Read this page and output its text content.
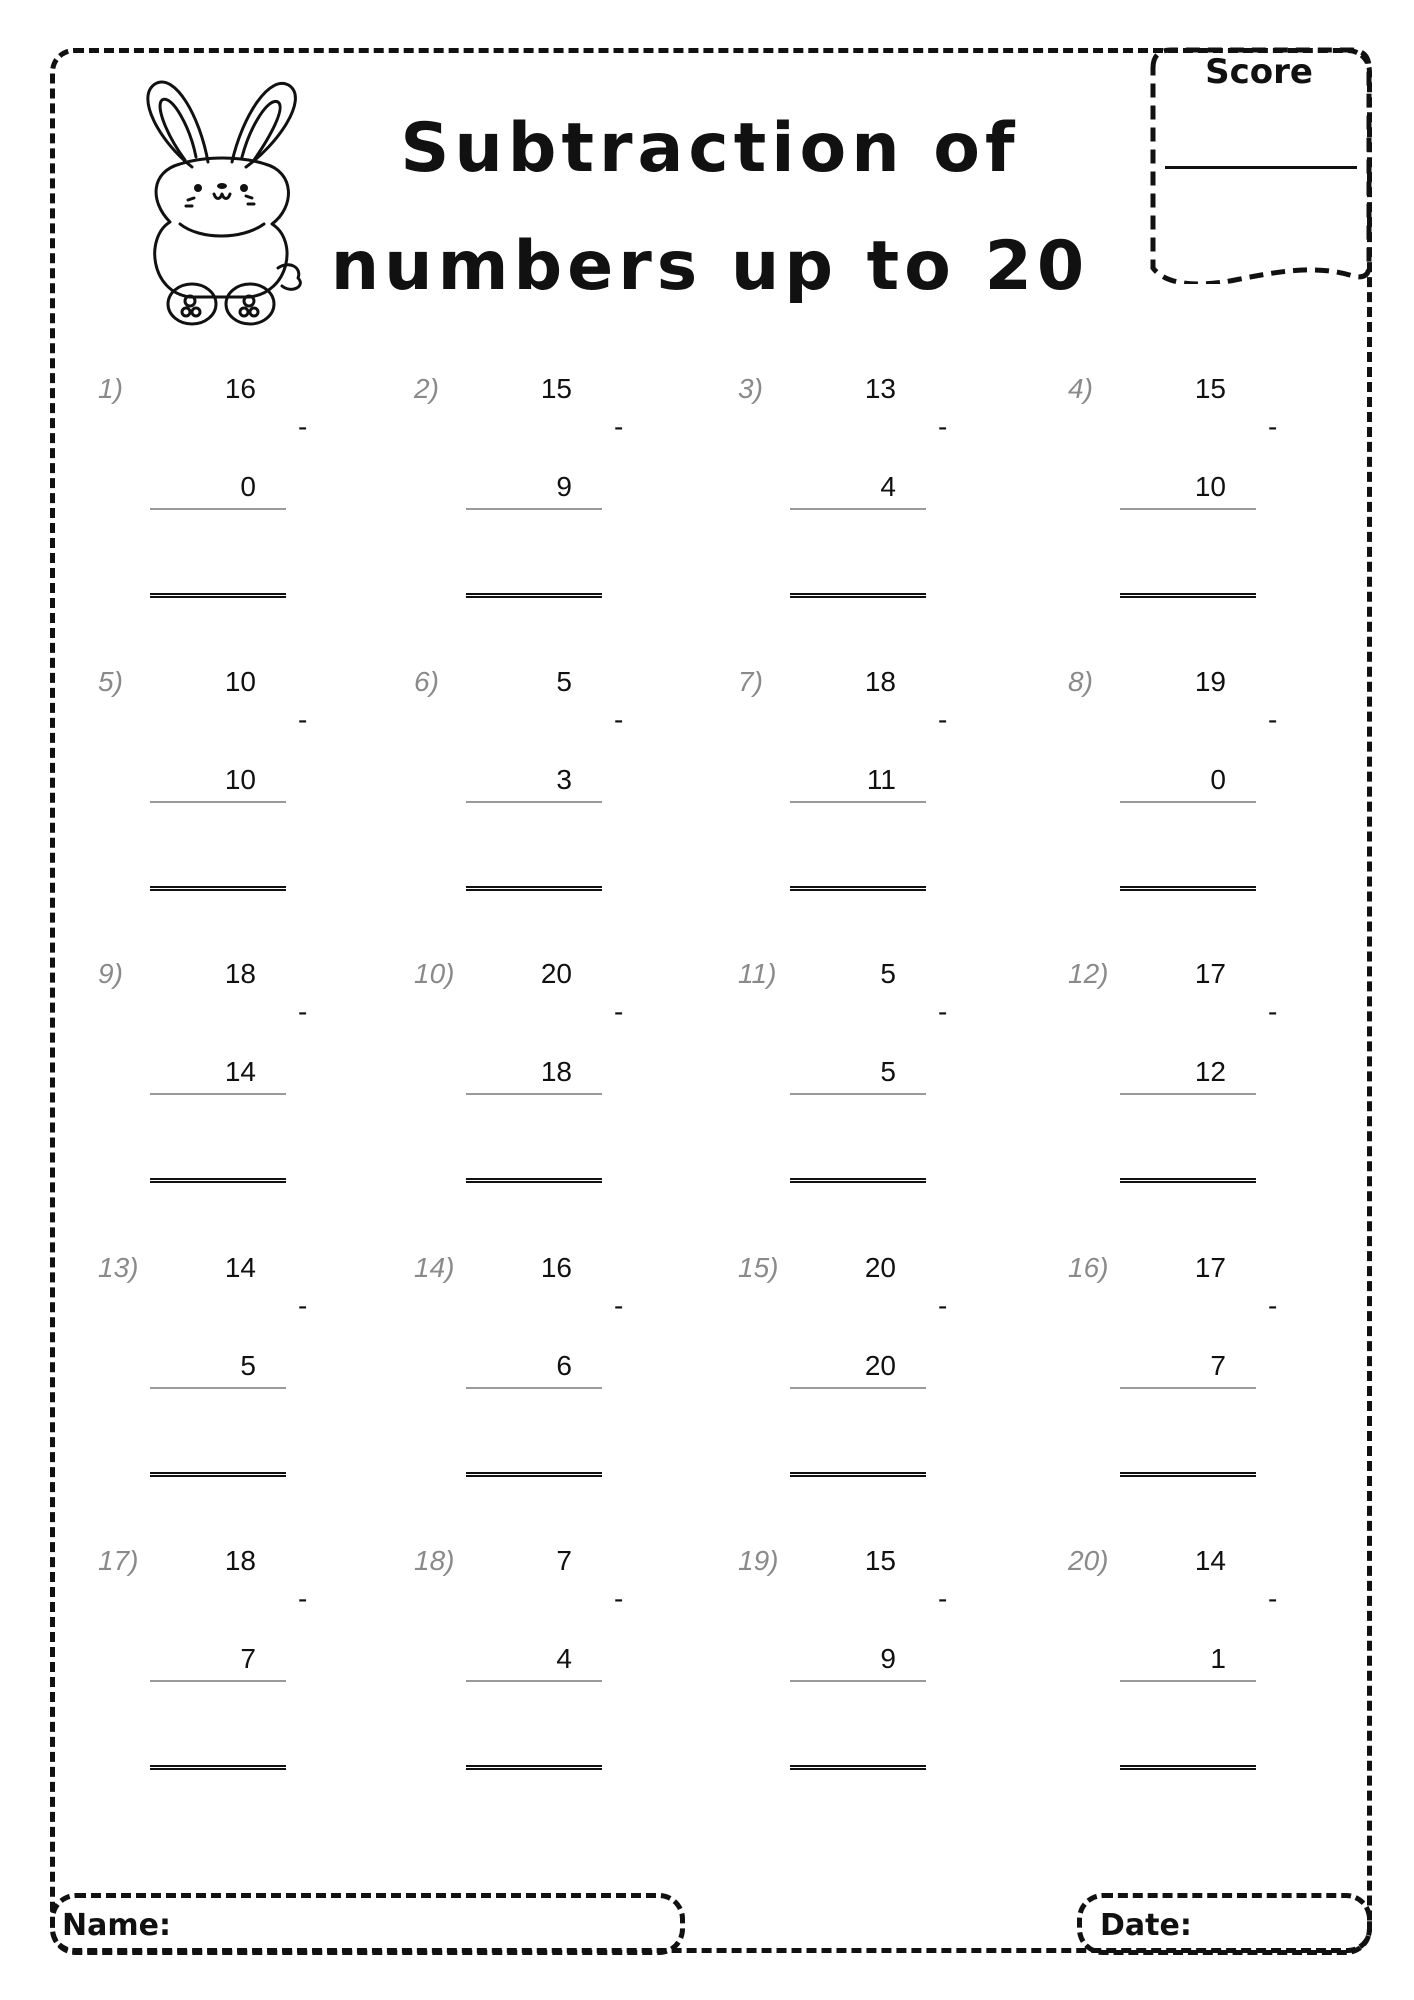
Subtraction of
numbers up to 20
Score
1)	16
-
0
2)	15
-
9
3)	13
-
4
4)	15
-
10
5)	10
-
10
6)	5
-
3
7)	18
-
11
8)	19
-
0
9)	18
-
14
10)	20
-
18
11)	5
-
5
12)	17
-
12
13)	14
-
5
14)	16
-
6
15)	20
-
20
16)	17
-
7
17)	18
-
7
18)	7
-
4
19)	15
-
9
20)	14
-
1
Name:	Date:
